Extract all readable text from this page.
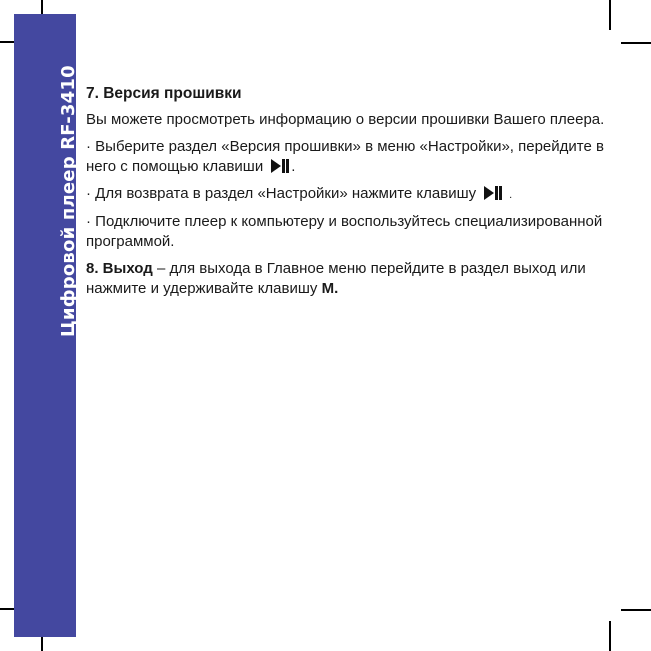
Цифровой плеер RF-3410 7. Версия прошивки

Вы можете просмотреть информацию о версии прошивки Вашего плеера.

· Выберите раздел «Версия прошивки» в меню «Настройки», перейдите в него с помощью клавиши .

· Для возврата в раздел «Настройки» нажмите клавишу	.

· Подключите плеер к компьютеру и воспользуйтесь специализированной программой.

8. Выход – для выхода в Главное меню перейдите в раздел выход или нажмите и удерживайте клавишу M.
